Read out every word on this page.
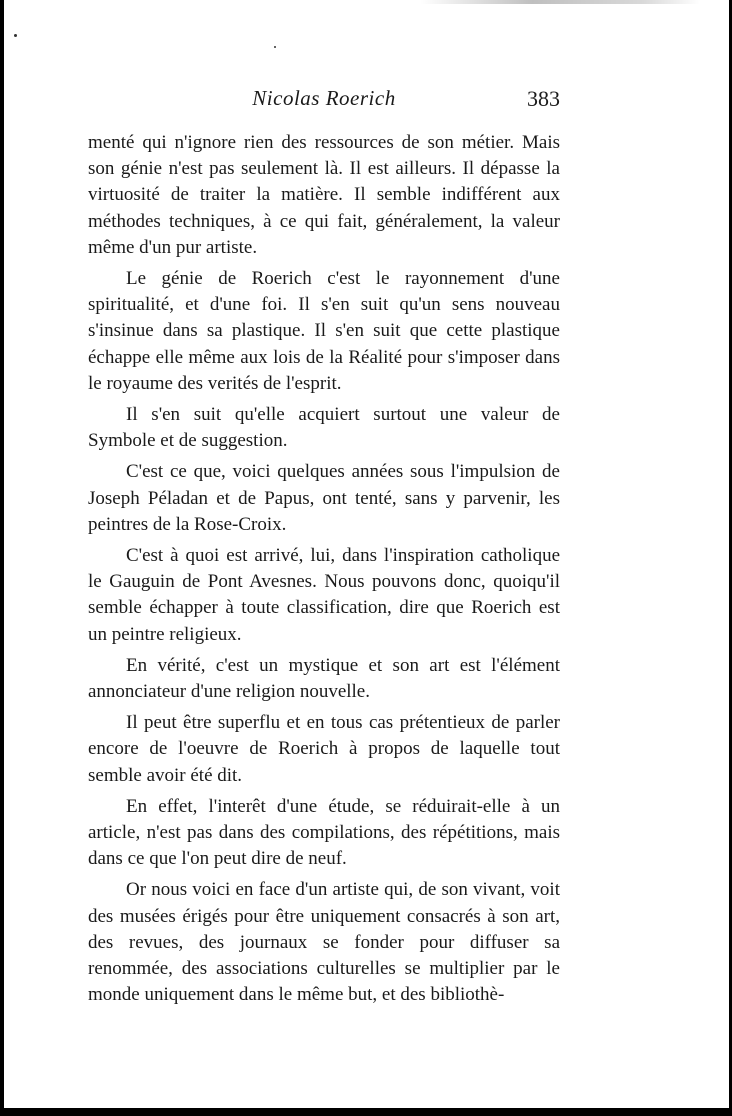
Nicolas Roerich	383

menté qui n'ignore rien des ressources de son métier. Mais son génie n'est pas seulement là. Il est ailleurs. Il dépasse la virtuosité de traiter la matière. Il semble indifférent aux méthodes techniques, à ce qui fait, généralement, la valeur même d'un pur artiste.

Le génie de Roerich c'est le rayonnement d'une spiritualité, et d'une foi. Il s'en suit qu'un sens nouveau s'insinue dans sa plastique. Il s'en suit que cette plastique échappe elle même aux lois de la Réalité pour s'imposer dans le royaume des verités de l'esprit.

Il s'en suit qu'elle acquiert surtout une valeur de Symbole et de suggestion.

C'est ce que, voici quelques années sous l'impulsion de Joseph Péladan et de Papus, ont tenté, sans y parvenir, les peintres de la Rose-Croix.

C'est à quoi est arrivé, lui, dans l'inspiration catholique le Gauguin de Pont Avesnes. Nous pouvons donc, quoiqu'il semble échapper à toute classification, dire que Roerich est un peintre religieux.

En vérité, c'est un mystique et son art est l'élément annonciateur d'une religion nouvelle.

Il peut être superflu et en tous cas prétentieux de parler encore de l'oeuvre de Roerich à propos de laquelle tout semble avoir été dit.

En effet, l'interêt d'une étude, se réduirait-elle à un article, n'est pas dans des compilations, des répétitions, mais dans ce que l'on peut dire de neuf.

Or nous voici en face d'un artiste qui, de son vivant, voit des musées érigés pour être uniquement consacrés à son art, des revues, des journaux se fonder pour diffuser sa renommée, des associations culturelles se multiplier par le monde uniquement dans le même but, et des bibliothè-
